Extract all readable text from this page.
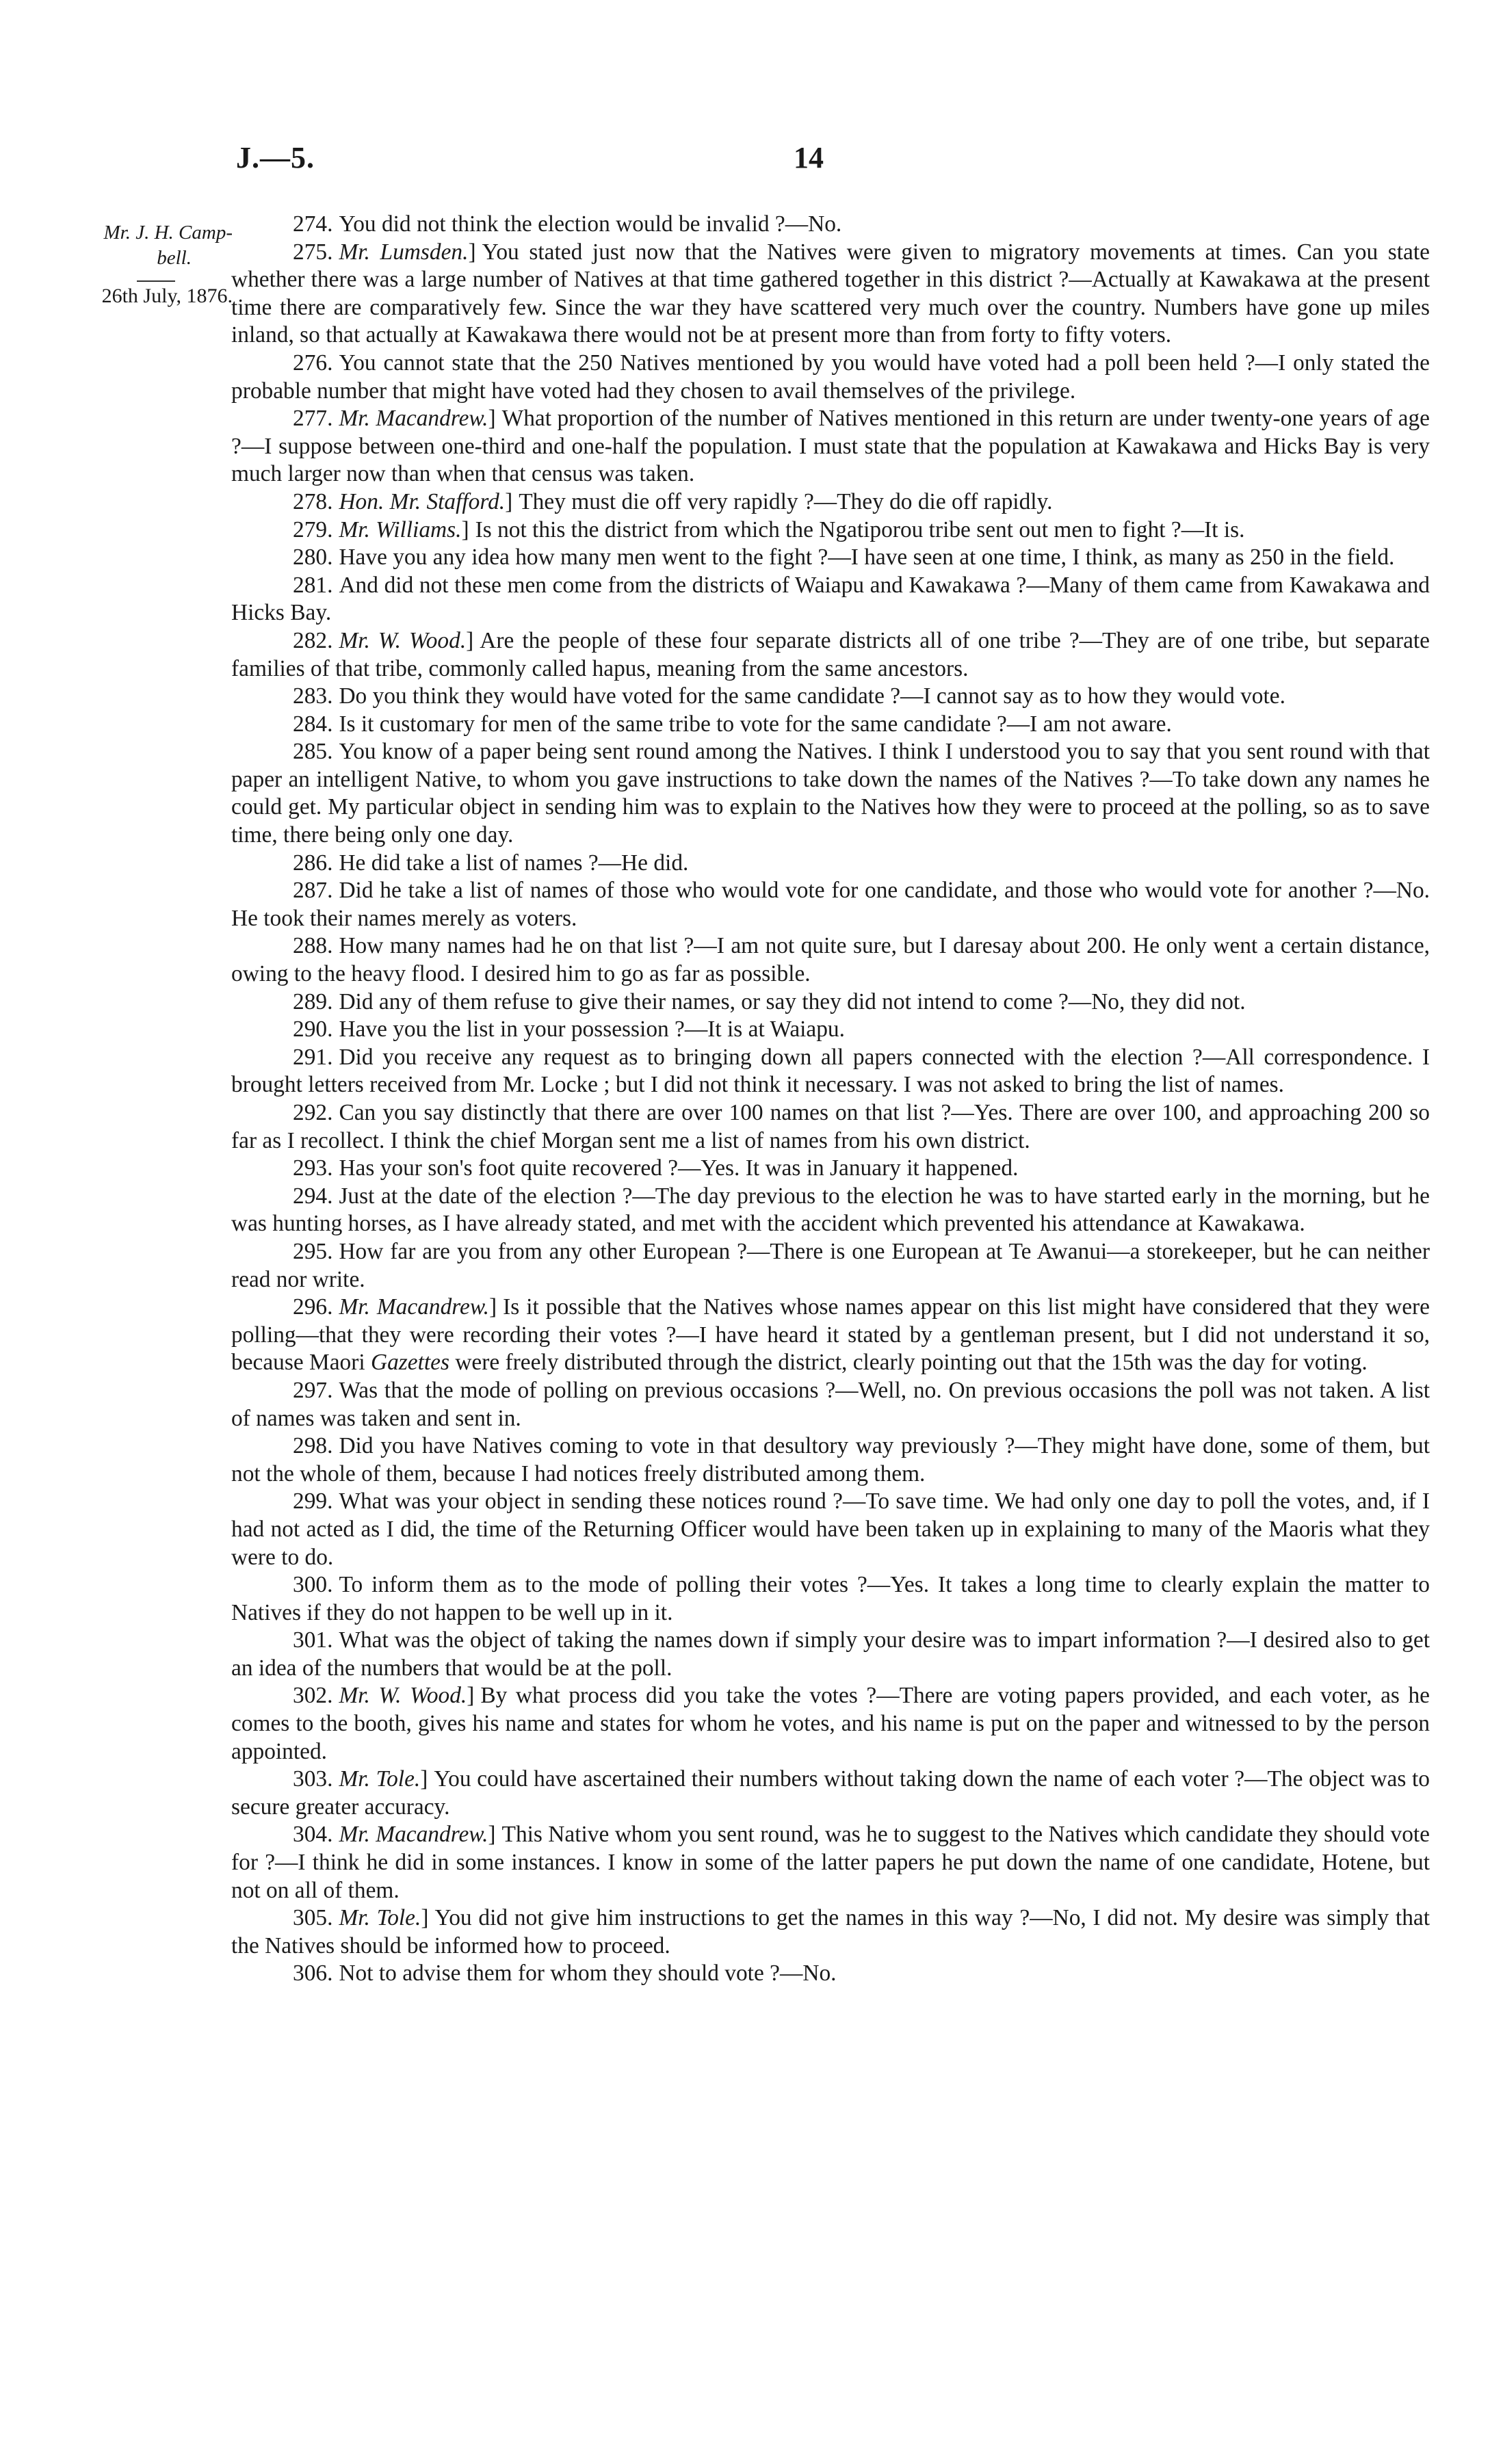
J.—5.	14
Mr. J. H. Camp-
bell.
26th July, 1876.

274. You did not think the election would be invalid ?—No.

275. Mr. Lumsden.] You stated just now that the Natives were given to migratory movements at times. Can you state whether there was a large number of Natives at that time gathered together in this district ?—Actually at Kawakawa at the present time there are comparatively few. Since the war they have scattered very much over the country. Numbers have gone up miles inland, so that actually at Kawakawa there would not be at present more than from forty to fifty voters.

276. You cannot state that the 250 Natives mentioned by you would have voted had a poll been held ?—I only stated the probable number that might have voted had they chosen to avail themselves of the privilege.

277. Mr. Macandrew.] What proportion of the number of Natives mentioned in this return are under twenty-one years of age ?—I suppose between one-third and one-half the population. I must state that the population at Kawakawa and Hicks Bay is very much larger now than when that census was taken.

278. Hon. Mr. Stafford.] They must die off very rapidly ?—They do die off rapidly.

279. Mr. Williams.] Is not this the district from which the Ngatiporou tribe sent out men to fight ?—It is.

280. Have you any idea how many men went to the fight ?—I have seen at one time, I think, as many as 250 in the field.

281. And did not these men come from the districts of Waiapu and Kawakawa ?—Many of them came from Kawakawa and Hicks Bay.

282. Mr. W. Wood.] Are the people of these four separate districts all of one tribe ?—They are of one tribe, but separate families of that tribe, commonly called hapus, meaning from the same ancestors.

283. Do you think they would have voted for the same candidate ?—I cannot say as to how they would vote.

284. Is it customary for men of the same tribe to vote for the same candidate ?—I am not aware.

285. You know of a paper being sent round among the Natives. I think I understood you to say that you sent round with that paper an intelligent Native, to whom you gave instructions to take down the names of the Natives ?—To take down any names he could get. My particular object in sending him was to explain to the Natives how they were to proceed at the polling, so as to save time, there being only one day.

286. He did take a list of names ?—He did.

287. Did he take a list of names of those who would vote for one candidate, and those who would vote for another ?—No. He took their names merely as voters.

288. How many names had he on that list ?—I am not quite sure, but I daresay about 200. He only went a certain distance, owing to the heavy flood. I desired him to go as far as possible.

289. Did any of them refuse to give their names, or say they did not intend to come ?—No, they did not.

290. Have you the list in your possession ?—It is at Waiapu.

291. Did you receive any request as to bringing down all papers connected with the election ?—All correspondence. I brought letters received from Mr. Locke ; but I did not think it necessary. I was not asked to bring the list of names.

292. Can you say distinctly that there are over 100 names on that list ?—Yes. There are over 100, and approaching 200 so far as I recollect. I think the chief Morgan sent me a list of names from his own district.

293. Has your son's foot quite recovered ?—Yes. It was in January it happened.

294. Just at the date of the election ?—The day previous to the election he was to have started early in the morning, but he was hunting horses, as I have already stated, and met with the accident which prevented his attendance at Kawakawa.

295. How far are you from any other European ?—There is one European at Te Awanui—a storekeeper, but he can neither read nor write.

296. Mr. Macandrew.] Is it possible that the Natives whose names appear on this list might have considered that they were polling—that they were recording their votes ?—I have heard it stated by a gentleman present, but I did not understand it so, because Maori Gazettes were freely distributed through the district, clearly pointing out that the 15th was the day for voting.

297. Was that the mode of polling on previous occasions ?—Well, no. On previous occasions the poll was not taken. A list of names was taken and sent in.

298. Did you have Natives coming to vote in that desultory way previously ?—They might have done, some of them, but not the whole of them, because I had notices freely distributed among them.

299. What was your object in sending these notices round ?—To save time. We had only one day to poll the votes, and, if I had not acted as I did, the time of the Returning Officer would have been taken up in explaining to many of the Maoris what they were to do.

300. To inform them as to the mode of polling their votes ?—Yes. It takes a long time to clearly explain the matter to Natives if they do not happen to be well up in it.

301. What was the object of taking the names down if simply your desire was to impart information ?—I desired also to get an idea of the numbers that would be at the poll.

302. Mr. W. Wood.] By what process did you take the votes ?—There are voting papers provided, and each voter, as he comes to the booth, gives his name and states for whom he votes, and his name is put on the paper and witnessed to by the person appointed.

303. Mr. Tole.] You could have ascertained their numbers without taking down the name of each voter ?—The object was to secure greater accuracy.

304. Mr. Macandrew.] This Native whom you sent round, was he to suggest to the Natives which candidate they should vote for ?—I think he did in some instances. I know in some of the latter papers he put down the name of one candidate, Hotene, but not on all of them.

305. Mr. Tole.] You did not give him instructions to get the names in this way ?—No, I did not. My desire was simply that the Natives should be informed how to proceed.

306. Not to advise them for whom they should vote ?—No.
